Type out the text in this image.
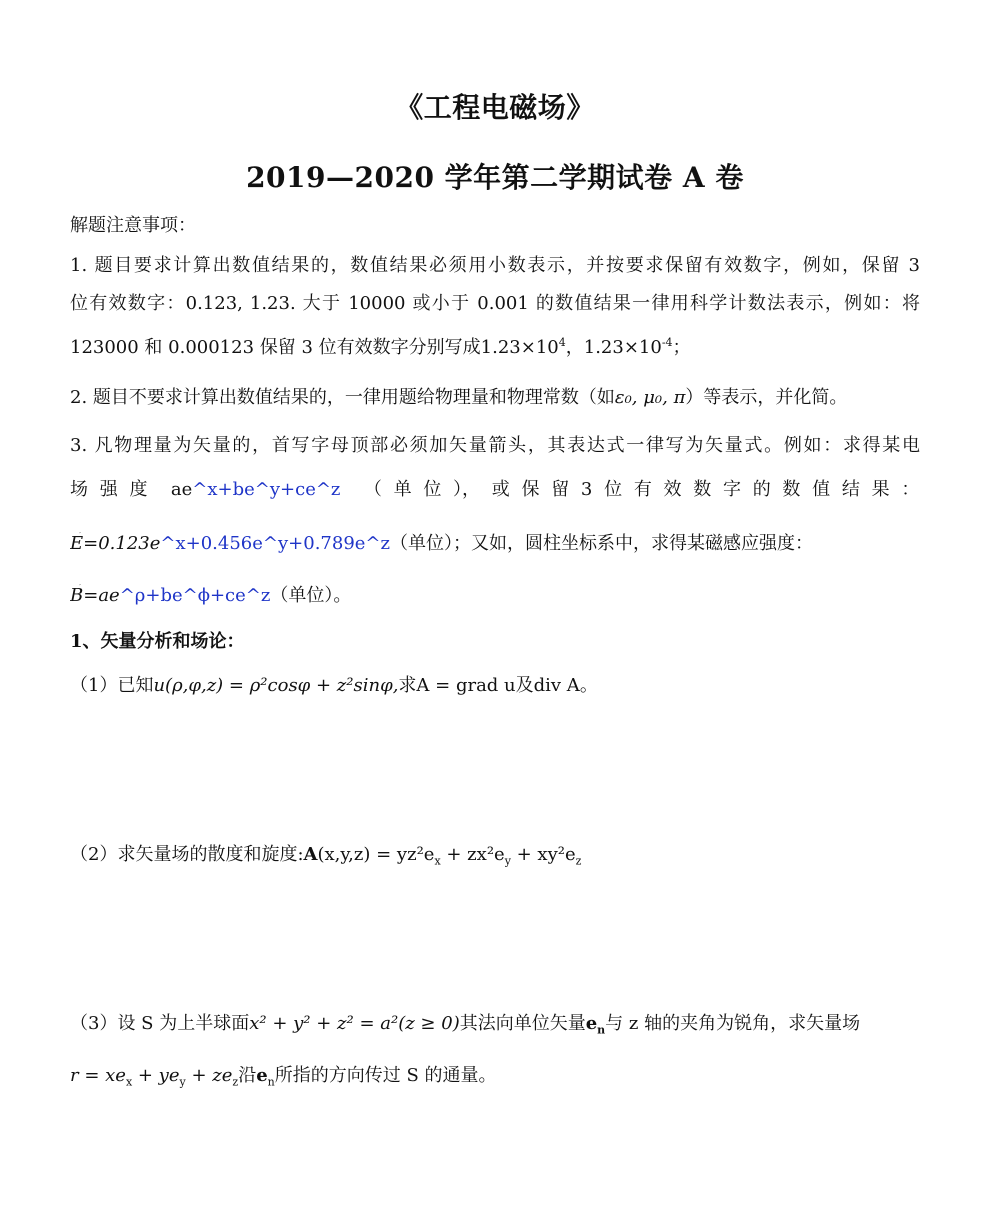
《工程电磁场》
2019—2020 学年第二学期试卷 A 卷
解题注意事项：
1. 题目要求计算出数值结果的，数值结果必须用小数表示，并按要求保留有效数字，例如，保留 3
位有效数字：0.123, 1.23. 大于 10000 或小于 0.001 的数值结果一律用科学计数法表示，例如：将
123000 和 0.000123 保留 3 位有效数字分别写成$1.23\times 10^4$，$1.23\times 10^{-4}$；
2. 题目不要求计算出数值结果的，一律用题给物理量和物理常数（如ε₀, μ₀, π）等表示，并化简。
3. 凡物理量为矢量的，首写字母顶部必须加矢量箭头，其表达式一律写为矢量式。例如：求得某电
场 强 度 ae^x+be^y+ce^z （ 单 位 ）， 或 保 留 3 位 有 效 数 字 的 数 值 结 果 ：
→ E=0.123e^x+0.456e^y+0.789e^z（单位）；又如，圆柱坐标系中，求得某磁感应强度：
→ B=ae^ρ+be^ϕ+ce^z（单位）。
1、矢量分析和场论：
（1）已知u(ρ,φ,z) = ρ²cosφ + z²sinφ,求A = grad u及div A。
（2）求矢量场的散度和旋度:A(x,y,z) = $yz^2e_x + zx^2e_y + xy^2e_z$
（3）设 S 为上半球面x² + y² + z² = a²(z ≥ 0)其法向单位矢量$e_n$与 z 轴的夹角为锐角，求矢量场
$r = xe_x + ye_y + ze_z$沿$e_n$所指的方向传过 S 的通量。
